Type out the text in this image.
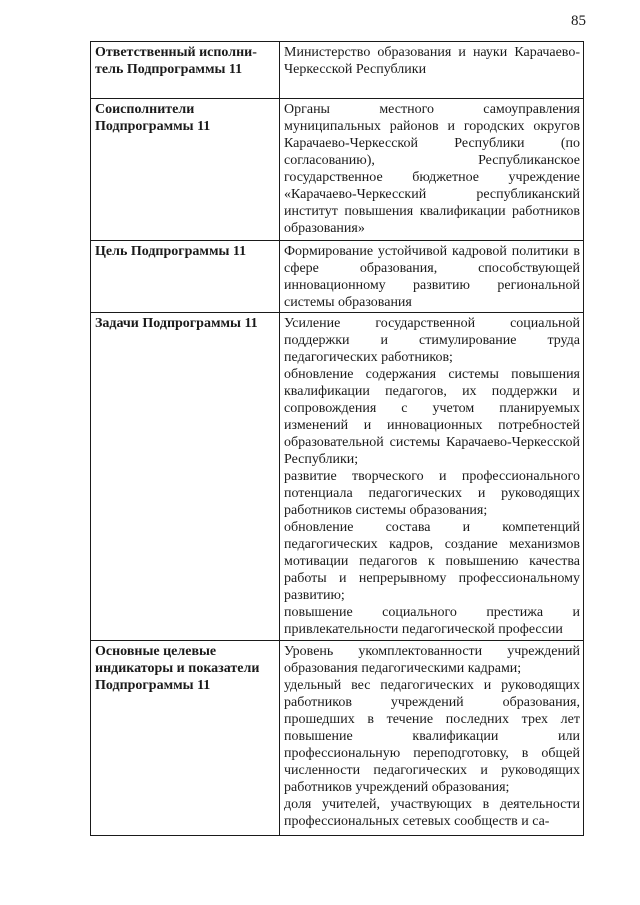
85
Ответственный исполни-тель Подпрограммы 11	Министерство образования и науки Карачаево-Черкесской Республики

Соисполнители Подпрограммы 11	Органы местного самоуправления муниципальных районов и городских округов Карачаево-Черкесской Республики (по согласованию), Республиканское государственное бюджетное учреждение «Карачаево-Черкесский республиканский институт повышения квалификации работников образования»

Цель Подпрограммы 11	Формирование устойчивой кадровой политики в сфере образования, способствующей инновационному развитию региональной системы образования

Задачи Подпрограммы 11	Усиление государственной социальной поддержки и стимулирование труда педагогических работников;
обновление содержания системы повышения квалификации педагогов, их поддержки и сопровождения с учетом планируемых изменений и инновационных потребностей образовательной системы Карачаево-Черкесской Республики;
развитие творческого и профессионального потенциала педагогических и руководящих работников системы образования;
обновление состава и компетенций педагогических кадров, создание механизмов мотивации педагогов к повышению качества работы и непрерывному профессиональному развитию;
повышение социального престижа и привлекательности педагогической профессии

Основные целевые индикаторы и показатели Подпрограммы 11	Уровень укомплектованности учреждений образования педагогическими кадрами;
удельный вес педагогических и руководящих работников учреждений образования, прошедших в течение последних трех лет повышение квалификации или профессиональную переподготовку, в общей численности педагогических и руководящих работников учреждений образования;
доля учителей, участвующих в деятельности профессиональных сетевых сообществ и са-
